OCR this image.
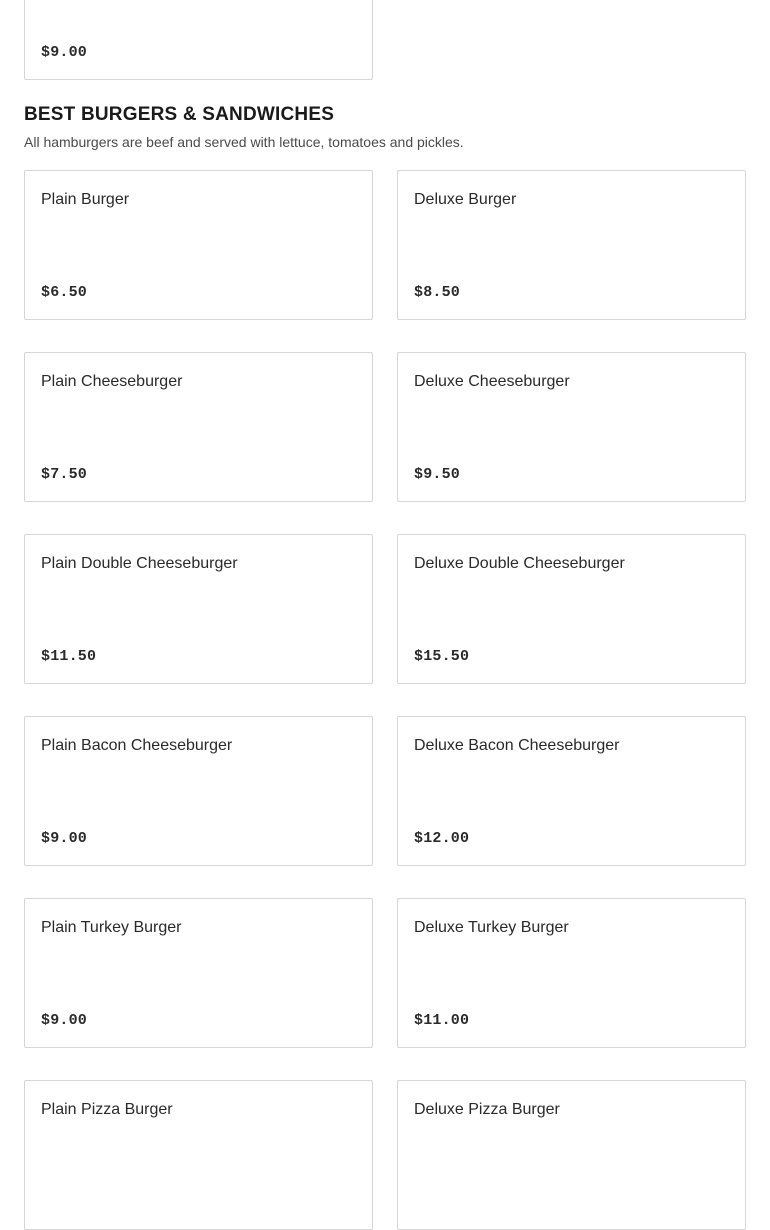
$9.00
BEST BURGERS & SANDWICHES

All hamburgers are beef and served with lettuce, tomatoes and pickles.

Plain Burger
$6.50
Deluxe Burger
$8.50
Plain Cheeseburger
$7.50
Deluxe Cheeseburger
$9.50
Plain Double Cheeseburger
$11.50
Deluxe Double Cheeseburger
$15.50
Plain Bacon Cheeseburger
$9.00
Deluxe Bacon Cheeseburger
$12.00
Plain Turkey Burger
$9.00
Deluxe Turkey Burger
$11.00
Plain Pizza Burger	Deluxe Pizza Burger
